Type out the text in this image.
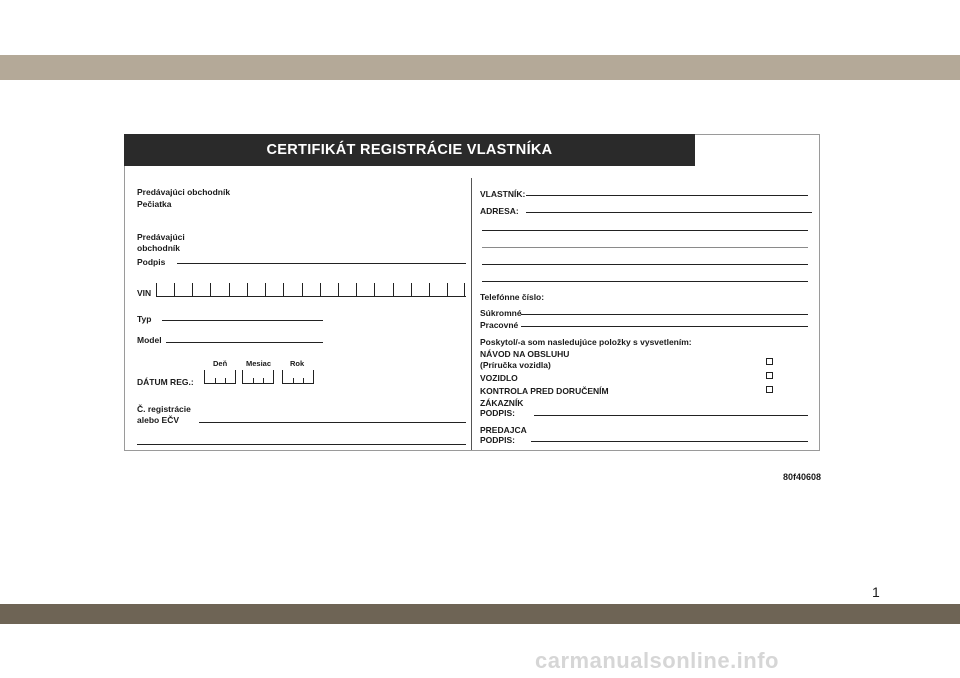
CERTIFIKÁT REGISTRÁCIE VLASTNÍKA
Predávajúci obchodník
Pečiatka
Predávajúci
obchodník
Podpis
VIN
Typ
Model
Deň	Mesiac	Rok
DÁTUM REG.:
Č. registrácie
alebo EČV
VLASTNÍK:
ADRESA:
Telefónne číslo:
Súkromné
Pracovné
Poskytol/-a som nasledujúce položky s vysvetlením:
NÁVOD NA OBSLUHU
(Príručka vozidla)
VOZIDLO
KONTROLA PRED DORUČENÍM
ZÁKAZNÍK
PODPIS:
PREDAJCA
PODPIS:
80f40608
1
carmanualsonline.info
